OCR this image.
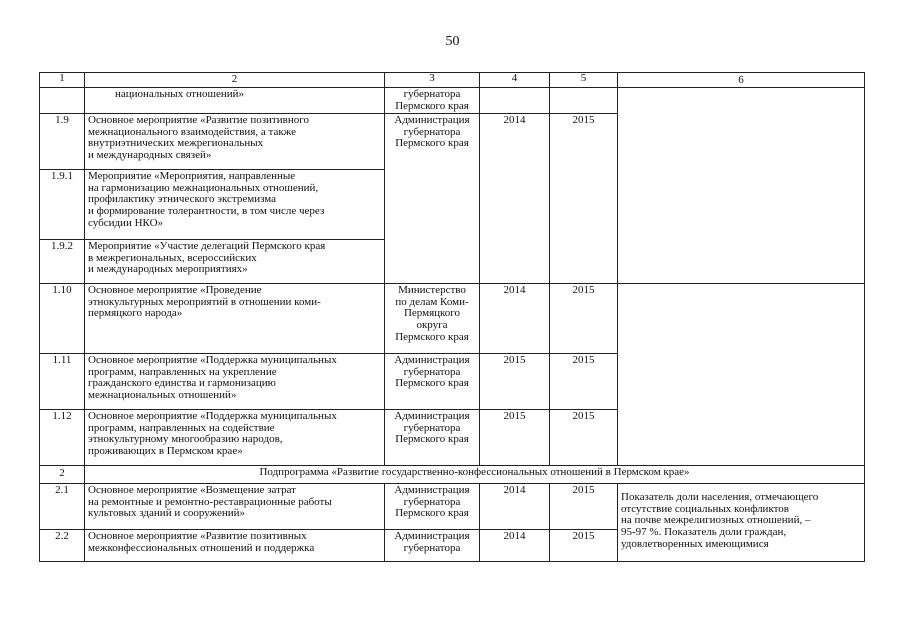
50
1	2	3	4	5	6
	национальных отношений»	губернатора
Пермского края			
1.9	Основное мероприятие «Развитие позитивного
межнационального взаимодействия, а также
внутриэтнических межрегиональных
и международных связей»	Администрация
губернатора
Пермского края	2014	2015	
1.9.1	Мероприятие «Мероприятия, направленные
на гармонизацию межнациональных отношений,
профилактику этнического экстремизма
и формирование толерантности, в том числе через
субсидии НКО»				
1.9.2	Мероприятие «Участие делегаций Пермского края
в межрегиональных, всероссийских
и международных мероприятиях»				
1.10	Основное мероприятие «Проведение
этнокультурных мероприятий в отношении коми-
пермяцкого народа»	Министерство
по делам Коми-
Пермяцкого
округа
Пермского края	2014	2015	
1.11	Основное мероприятие «Поддержка муниципальных
программ, направленных на укрепление
гражданского единства и гармонизацию
межнациональных отношений»	Администрация
губернатора
Пермского края	2015	2015	
1.12	Основное мероприятие «Поддержка муниципальных
программ, направленных на содействие
этнокультурному многообразию народов,
проживающих в Пермском крае»	Администрация
губернатора
Пермского края	2015	2015	
2	Подпрограмма «Развитие государственно-конфессиональных отношений в Пермском крае»				
2.1	Основное мероприятие «Возмещение затрат
на ремонтные и ремонтно-реставрационные работы
культовых зданий и сооружений»	Администрация
губернатора
Пермского края	2014	2015	Показатель доли населения, отмечающего
отсутствие социальных конфликтов
на почве межрелигиозных отношений, –
95-97 %. Показатель доли граждан,
удовлетворенных имеющимися
2.2	Основное мероприятие «Развитие позитивных
межконфессиональных отношений и поддержка	Администрация
губернатора	2014	2015	
